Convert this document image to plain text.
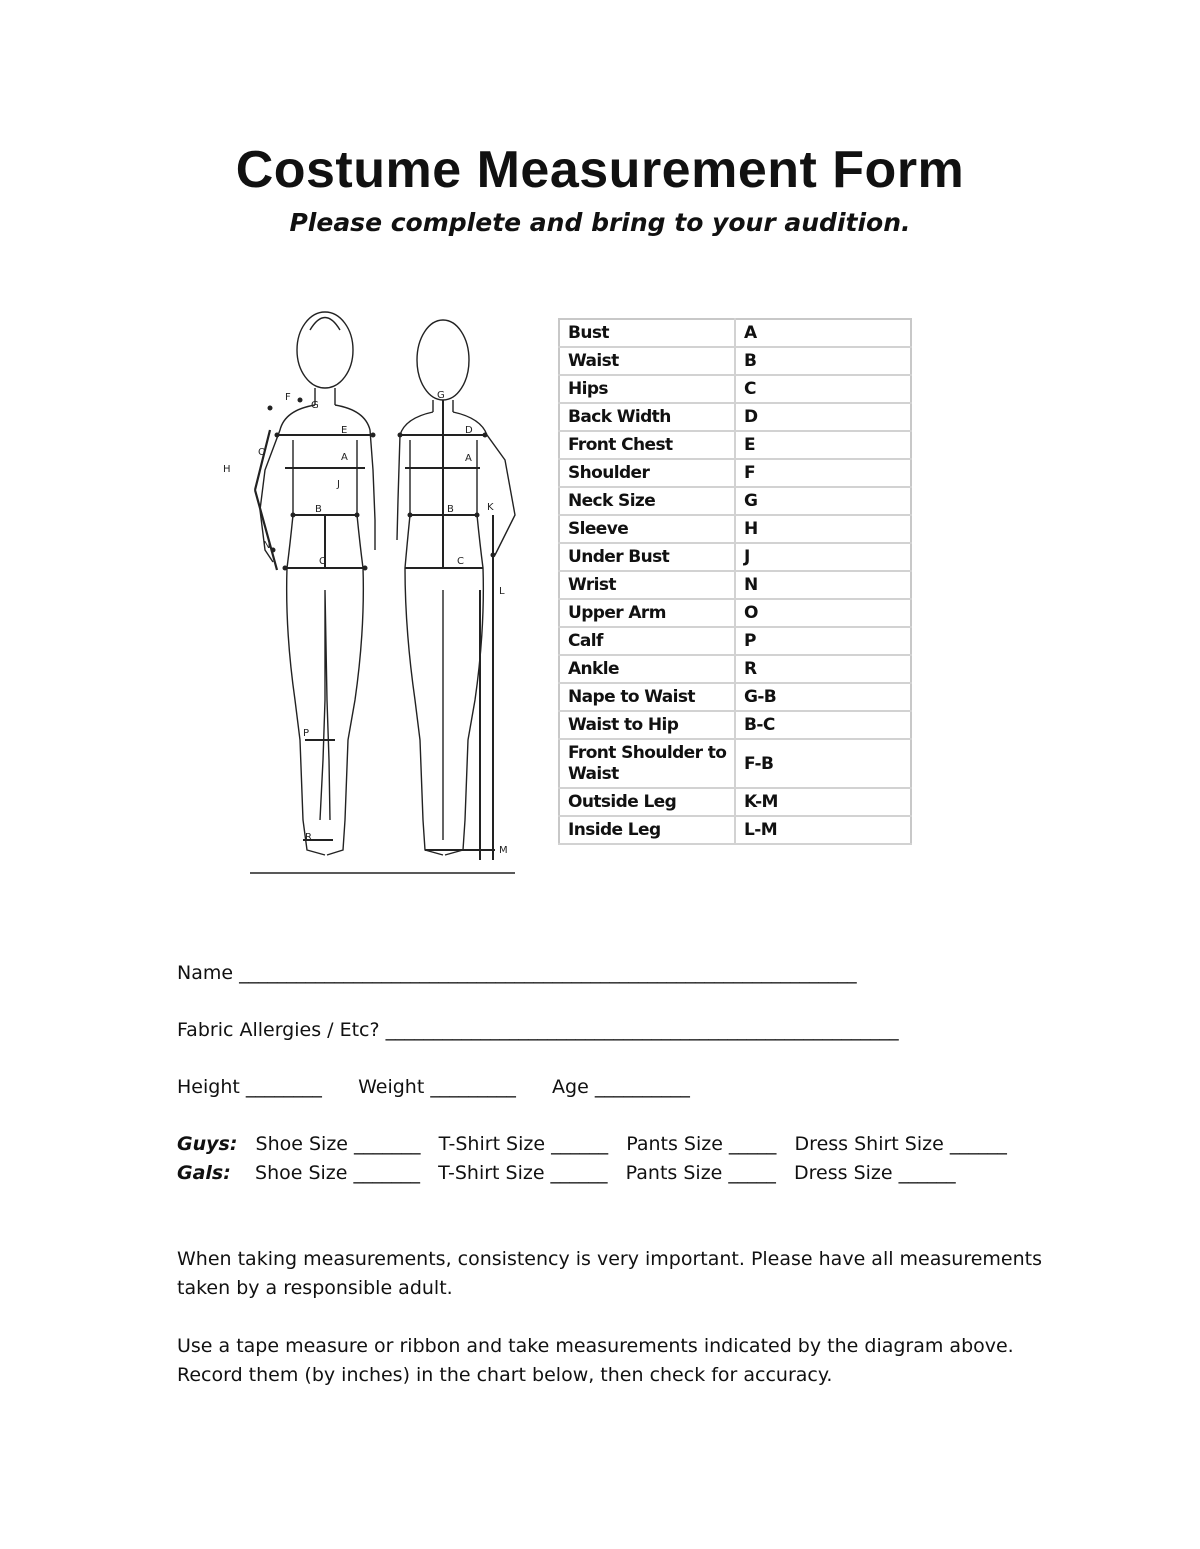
Costume Measurement Form
Please complete and bring to your audition.
F
G
E
O	A
H
J
B
N
C
P
R
G
D
A
B	K
C
L
M
Bust	A
Waist	B
Hips	C
Back Width	D
Front Chest	E
Shoulder	F
Neck Size	G
Sleeve	H
Under Bust	J
Wrist	N
Upper Arm	O
Calf	P
Ankle	R
Nape to Waist	G-B
Waist to Hip	B-C
Front Shoulder to Waist	F-B
Outside Leg	K-M
Inside Leg	L-M
Name _________________________________________________________________
Fabric Allergies / Etc? ______________________________________________________
Height ________      Weight _________      Age __________
Guys:   Shoe Size _______   T-Shirt Size ______   Pants Size _____   Dress Shirt Size ______
Gals:    Shoe Size _______   T-Shirt Size ______   Pants Size _____   Dress Size ______
When taking measurements, consistency is very important. Please have all measurements taken by a responsible adult.
Use a tape measure or ribbon and take measurements indicated by the diagram above. Record them (by inches) in the chart below, then check for accuracy.
